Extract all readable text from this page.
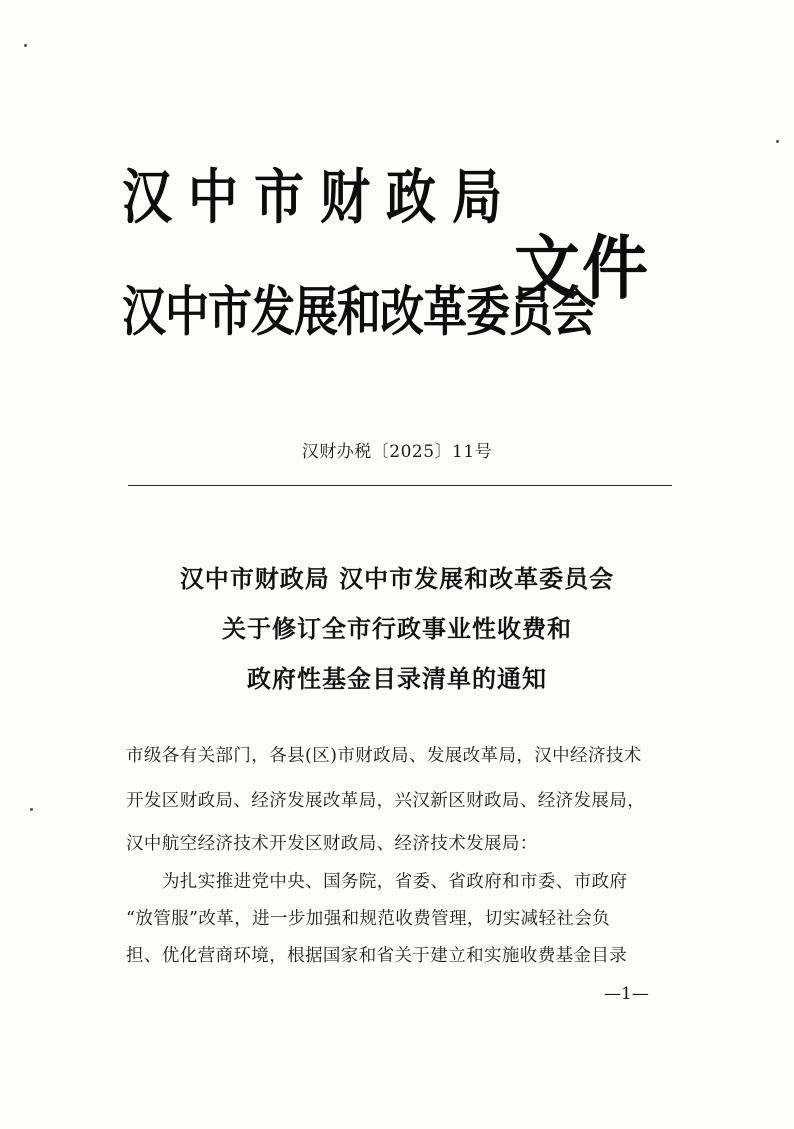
汉中市财政局
汉中市发展和改革委员会
文件
汉财办税〔2025〕11号
汉中市财政局 汉中市发展和改革委员会
关于修订全市行政事业性收费和
政府性基金目录清单的通知
市级各有关部门，各县(区)市财政局、发展改革局，汉中经济技术
开发区财政局、经济发展改革局，兴汉新区财政局、经济发展局，
汉中航空经济技术开发区财政局、经济技术发展局：
为扎实推进党中央、国务院，省委、省政府和市委、市政府
“放管服”改革，进一步加强和规范收费管理，切实减轻社会负
担、优化营商环境，根据国家和省关于建立和实施收费基金目录
—1—
